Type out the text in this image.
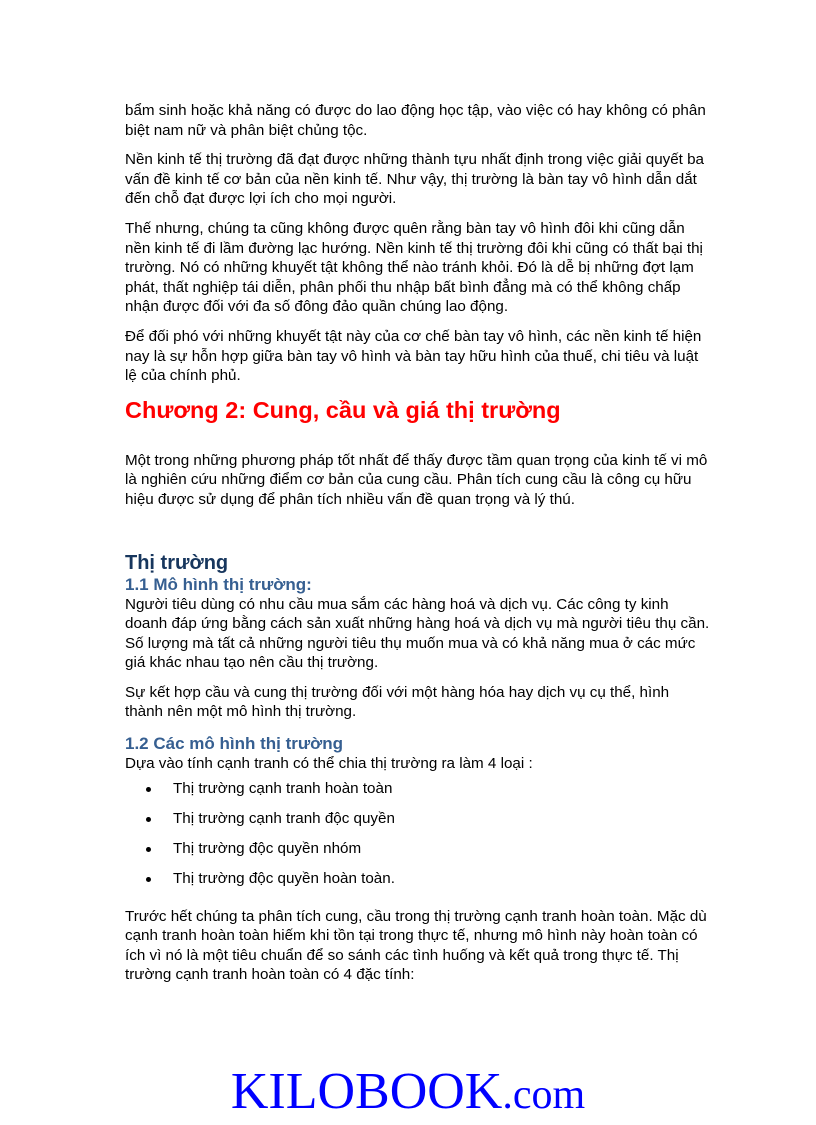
bẩm sinh hoặc khả năng có được do lao động học tập, vào việc có hay không có phân biệt nam nữ và phân biệt chủng tộc.

Nền kinh tế thị trường đã đạt được những thành tựu nhất định trong việc giải quyết ba vấn đề kinh tế cơ bản của nền kinh tế. Như vậy, thị trường là bàn tay vô hình dẫn dắt đến chỗ đạt được lợi ích cho mọi người.

Thế nhưng, chúng ta cũng không được quên rằng bàn tay vô hình đôi khi cũng dẫn nền kinh tế đi lầm đường lạc hướng. Nền kinh tế thị trường đôi khi cũng có thất bại thị trường. Nó có những khuyết tật không thể nào tránh khỏi. Đó là dễ bị những đợt lạm phát, thất nghiệp tái diễn, phân phối thu nhập bất bình đẳng mà có thể không chấp nhận được đối với đa số đông đảo quần chúng lao động.

Để đối phó với những khuyết tật này của cơ chế bàn tay vô hình, các nền kinh tế hiện nay là sự hỗn hợp giữa bàn tay vô hình và bàn tay hữu hình của thuế, chi tiêu và luật lệ của chính phủ.

Chương 2: Cung, cầu và giá thị trường

Một trong những phương pháp tốt nhất để thấy được tầm quan trọng của kinh tế vi mô là nghiên cứu những điểm cơ bản của cung cầu. Phân tích cung cầu là công cụ hữu hiệu được sử dụng để phân tích nhiều vấn đề quan trọng và lý thú.

Thị trường
1.1 Mô hình thị trường:

Người tiêu dùng có nhu cầu mua sắm các hàng hoá và dịch vụ. Các công ty kinh doanh đáp ứng bằng cách sản xuất những hàng hoá và dịch vụ mà người tiêu thụ cần. Số lượng mà tất cả những người tiêu thụ muốn mua và có khả năng mua ở các mức giá khác nhau tạo nên cầu thị trường.

Sự kết hợp cầu và cung thị trường đối với một hàng hóa hay dịch vụ cụ thể, hình thành nên một mô hình thị trường.

1.2 Các mô hình thị trường

Dựa vào tính cạnh tranh có thể chia thị trường ra làm 4 loại :

Thị trường cạnh tranh hoàn toàn
Thị trường cạnh tranh độc quyền
Thị trường độc quyền nhóm
Thị trường độc quyền hoàn toàn.

Trước hết chúng ta phân tích cung, cầu trong thị trường cạnh tranh hoàn toàn. Mặc dù cạnh tranh hoàn toàn hiếm khi tồn tại trong thực tế, nhưng mô hình này hoàn toàn có ích vì nó là một tiêu chuẩn để so sánh các tình huống và kết quả trong thực tế. Thị trường cạnh tranh hoàn toàn có 4 đặc tính:

KILOBOOK.com
